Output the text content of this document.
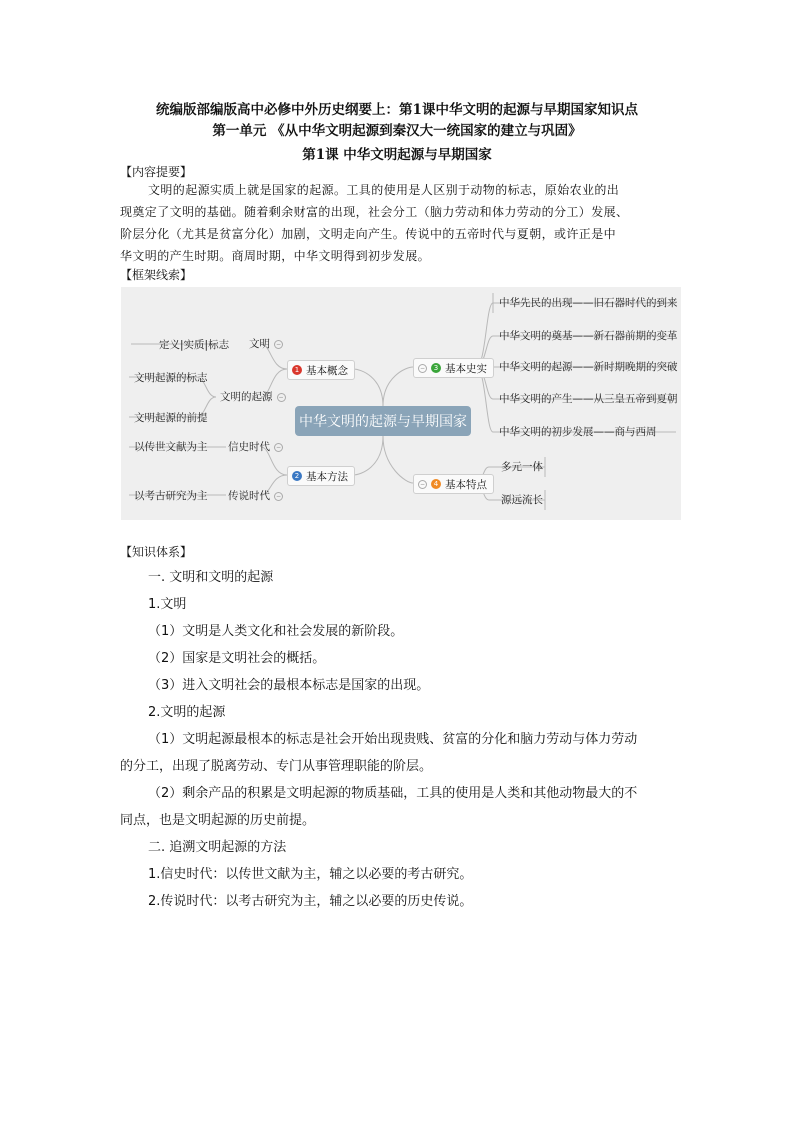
统编版部编版高中必修中外历史纲要上：第1课中华文明的起源与早期国家知识点
第一单元 《从中华文明起源到秦汉大一统国家的建立与巩固》
第1课 中华文明起源与早期国家
【内容提要】
文明的起源实质上就是国家的起源。工具的使用是人区别于动物的标志，原始农业的出
现奠定了文明的基础。随着剩余财富的出现，社会分工（脑力劳动和体力劳动的分工）发展、
阶层分化（尤其是贫富分化）加剧，文明走向产生。传说中的五帝时代与夏朝，或许正是中
华文明的产生时期。商周时期，中华文明得到初步发展。
【框架线索】
中华文明的起源与早期国家
1 基本概念
文明 −
定义|实质|标志
文明的起源 −
文明起源的标志
文明起源的前提
2 基本方法
信史时代 −
以传世文献为主
传说时代 −
以考古研究为主
−	3 基本史实
中华先民的出现——旧石器时代的到来
中华文明的奠基——新石器前期的变革
中华文明的起源——新时期晚期的突破
中华文明的产生——从三皇五帝到夏朝
中华文明的初步发展——商与西周
−	4 基本特点
多元一体
源远流长
【知识体系】
一. 文明和文明的起源
1.文明
（1）文明是人类文化和社会发展的新阶段。
（2）国家是文明社会的概括。
（3）进入文明社会的最根本标志是国家的出现。
2.文明的起源
（1）文明起源最根本的标志是社会开始出现贵贱、贫富的分化和脑力劳动与体力劳动
的分工，出现了脱离劳动、专门从事管理职能的阶层。
（2）剩余产品的积累是文明起源的物质基础，工具的使用是人类和其他动物最大的不
同点，也是文明起源的历史前提。
二. 追溯文明起源的方法
1.信史时代：以传世文献为主，辅之以必要的考古研究。
2.传说时代：以考古研究为主，辅之以必要的历史传说。
